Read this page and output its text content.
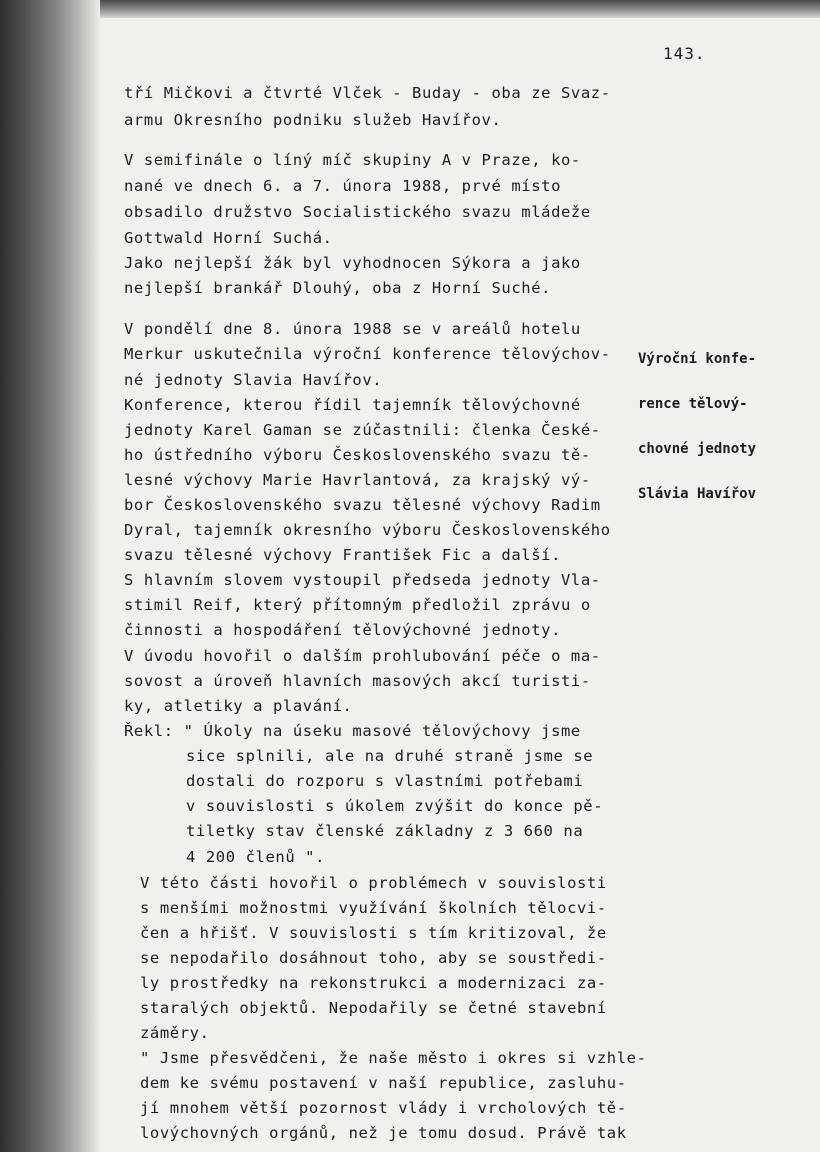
143.

Výroční konfe-

rence tělový-

chovné jednoty

Slávia Havířov

tří Mičkovi a čtvrté Vlček - Buday - oba ze Svaz-
armu Okresního podniku služeb Havířov.
V semifinále o líný míč skupiny A v Praze, ko-
nané ve dnech 6. a 7. února 1988, prvé místo
obsadilo družstvo Socialistického svazu mládeže
Gottwald Horní Suchá.
Jako nejlepší žák byl vyhodnocen Sýkora a jako
nejlepší brankář Dlouhý, oba z Horní Suché.
V pondělí dne 8. února 1988 se v areálů hotelu
Merkur uskutečnila výroční konference tělovýchov-
né jednoty Slavia Havířov.
Konference, kterou řídil tajemník tělovýchovné
jednoty Karel Gaman se zúčastnili: členka České-
ho ústředního výboru Československého svazu tě-
lesné výchovy Marie Havrlantová, za krajský vý-
bor Československého svazu tělesné výchovy Radim
Dyral, tajemník okresního výboru Československého
svazu tělesné výchovy František Fic a další.
S hlavním slovem vystoupil předseda jednoty Vla-
stimil Reif, který přítomným předložil zprávu o
činnosti a hospodáření tělovýchovné jednoty.
V úvodu hovořil o dalším prohlubování péče o ma-
sovost a úroveň hlavních masových akcí turisti-
ky, atletiky a plavání.
Řekl: " Úkoly na úseku masové tělovýchovy jsme
sice splnili, ale na druhé straně jsme se
dostali do rozporu s vlastními potřebami
v souvislosti s úkolem zvýšit do konce pě-
tiletky stav členské základny z 3 660 na
4 200 členů ".
V této části hovořil o problémech v souvislosti
s menšími možnostmi využívání školních tělocvi-
čen a hřišť. V souvislosti s tím kritizoval, že
se nepodařilo dosáhnout toho, aby se soustředi-
ly prostředky na rekonstrukci a modernizaci za-
staralých objektů. Nepodařily se četné stavební
záměry.
" Jsme přesvědčeni, že naše město i okres si vzhle-
dem ke svému postavení v naší republice, zasluhu-
jí mnohem větší pozornost vlády i vrcholových tě-
lovýchovných orgánů, než je tomu dosud. Právě tak
